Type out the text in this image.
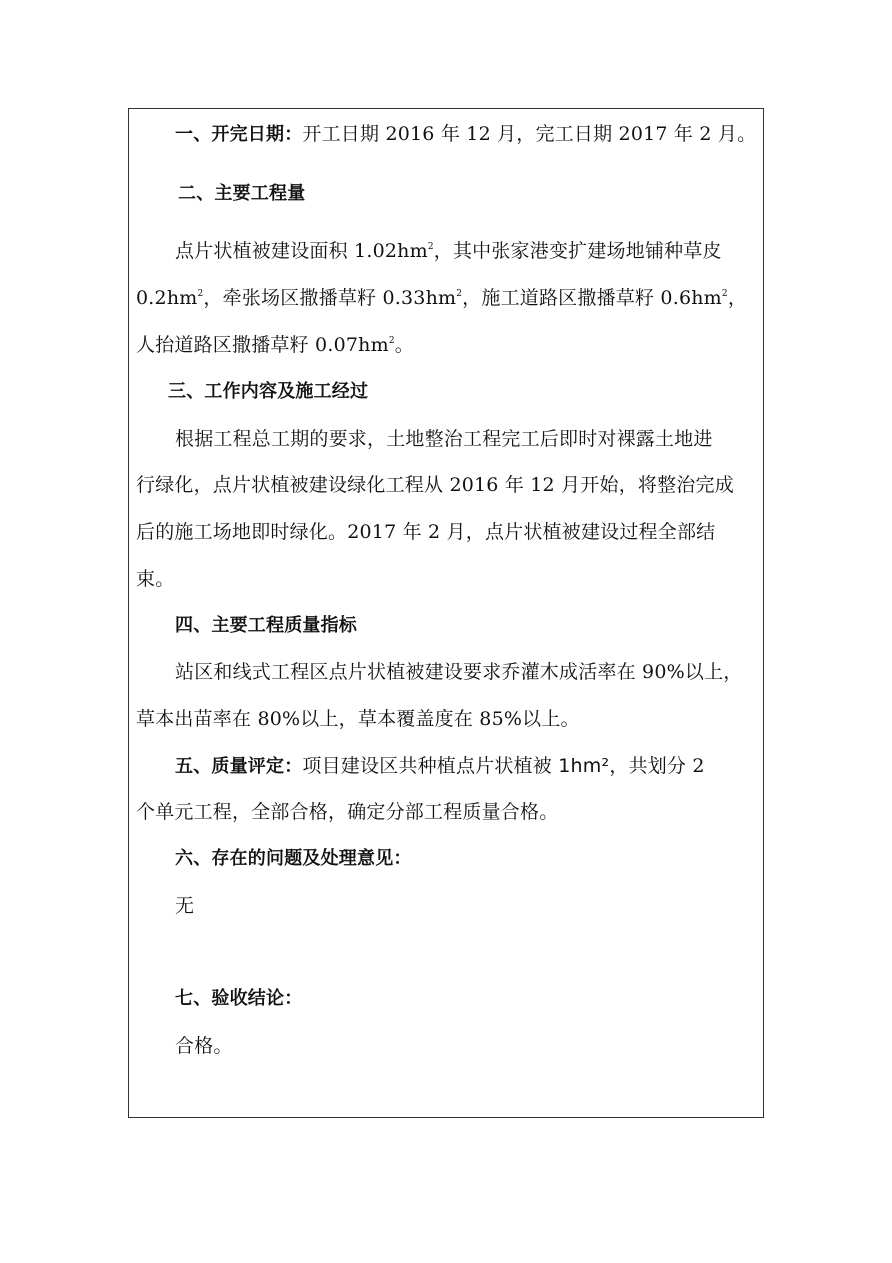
一、开完日期：开工日期 2016 年 12 月，完工日期 2017 年 2 月。
二、主要工程量
点片状植被建设面积 $1.02hm^2$，其中张家港变扩建场地铺种草皮
$0.2hm^2$，牵张场区撒播草籽 $0.33hm^2$，施工道路区撒播草籽 $0.6hm^2$，
人抬道路区撒播草籽 $0.07hm^2$。
三、工作内容及施工经过
根据工程总工期的要求，土地整治工程完工后即时对裸露土地进
行绿化，点片状植被建设绿化工程从 2016 年 12 月开始，将整治完成
后的施工场地即时绿化。2017 年 2 月，点片状植被建设过程全部结
束。
四、主要工程质量指标
站区和线式工程区点片状植被建设要求乔灌木成活率在 90%以上，
草本出苗率在 80%以上，草本覆盖度在 85%以上。
五、质量评定：项目建设区共种植点片状植被 1hm²，共划分 2
个单元工程，全部合格，确定分部工程质量合格。
六、存在的问题及处理意见：
无
七、验收结论：
合格。
